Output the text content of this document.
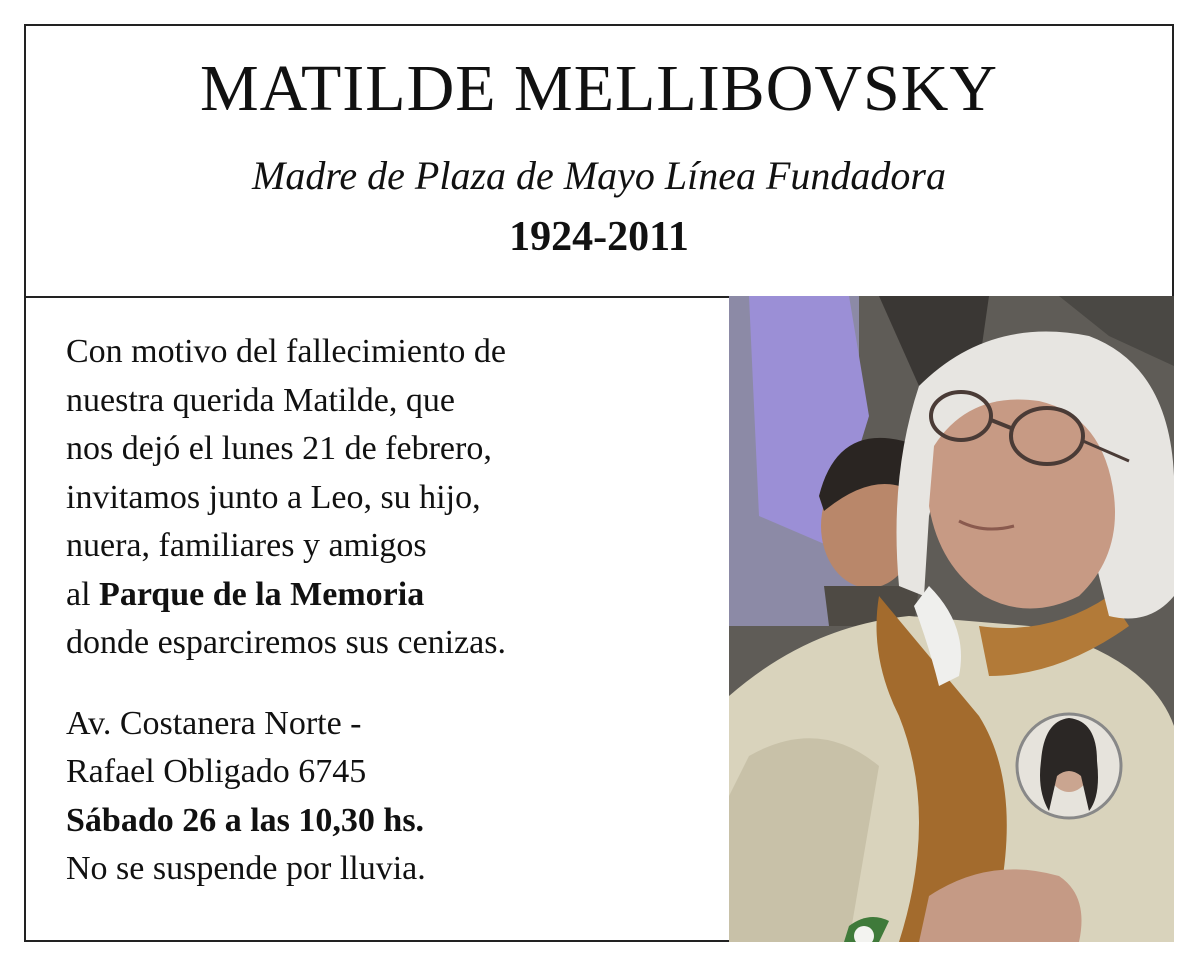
MATILDE MELLIBOVSKY
Madre de Plaza de Mayo Línea Fundadora
1924-2011

Con motivo del fallecimiento de

nuestra querida Matilde, que

nos dejó el lunes 21 de febrero,

invitamos junto a Leo, su hijo,

nuera, familiares y amigos

al Parque de la Memoria

donde esparciremos sus cenizas.

Av. Costanera Norte -

Rafael Obligado 6745

Sábado 26 a las 10,30 hs.

No se suspende por lluvia.
